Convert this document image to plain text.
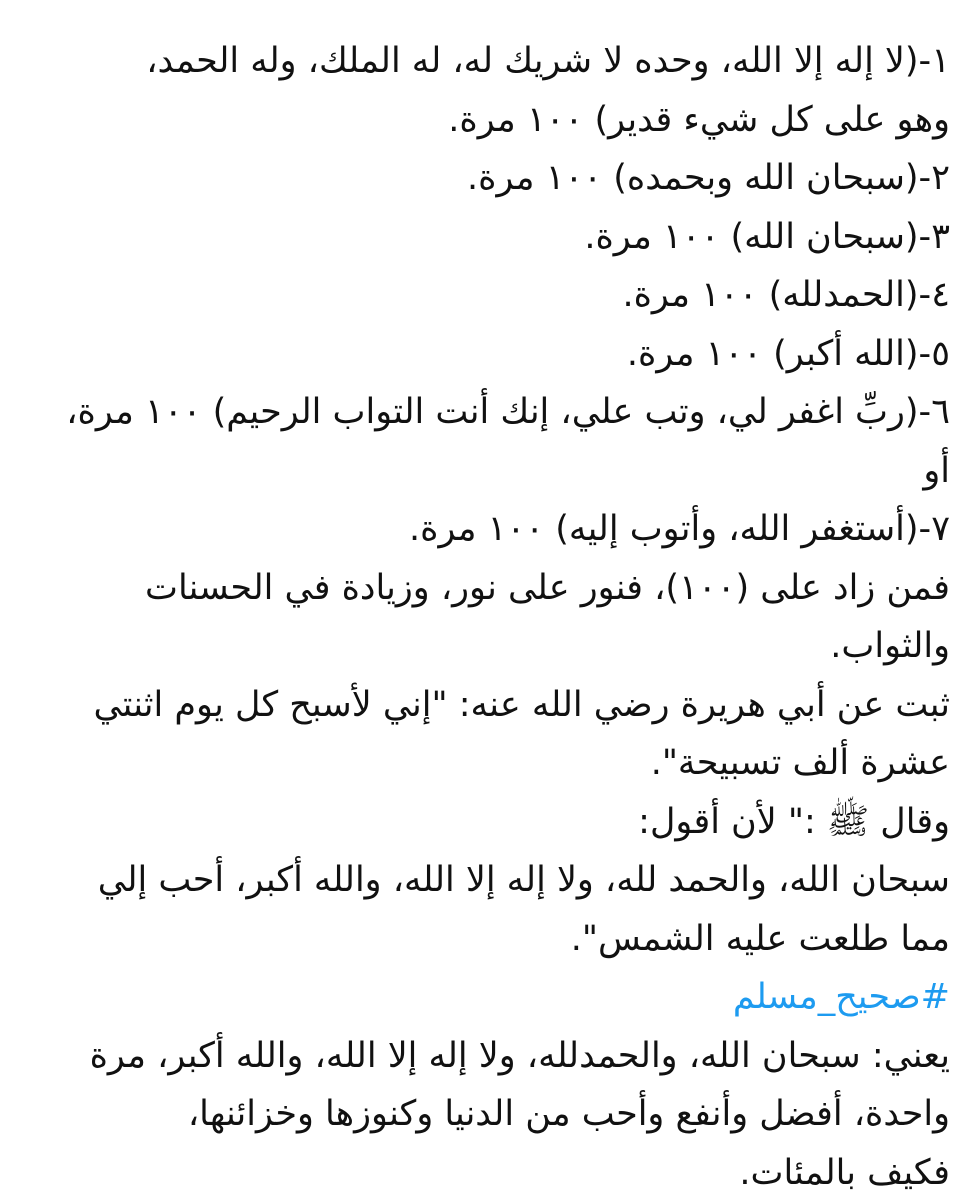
١-(لا إله إلا الله، وحده لا شريك له، له الملك، وله الحمد،
وهو على كل شيء قدير) ١٠٠ مرة.
٢-(سبحان الله وبحمده) ١٠٠ مرة.
٣-(سبحان الله) ١٠٠ مرة.
٤-(الحمدلله) ١٠٠ مرة.
٥-(الله أكبر) ١٠٠ مرة.
٦-(ربِّ اغفر لي، وتب علي، إنك أنت التواب الرحيم) ١٠٠ مرة،
أو
٧-(أستغفر الله، وأتوب إليه) ١٠٠ مرة.
فمن زاد على (١٠٠)، فنور على نور، وزيادة في الحسنات
والثواب.
ثبت عن أبي هريرة رضي الله عنه: "إني لأسبح كل يوم اثنتي
عشرة ألف تسبيحة".
وقال ﷺ :" لأن أقول:
سبحان الله، والحمد لله، ولا إله إلا الله، والله أكبر، أحب إلي
مما طلعت عليه الشمس".
#صحيح_مسلم
يعني: سبحان الله، والحمدلله، ولا إله إلا الله، والله أكبر، مرة
واحدة، أفضل وأنفع وأحب من الدنيا وكنوزها وخزائنها،
فكيف بالمئات.
